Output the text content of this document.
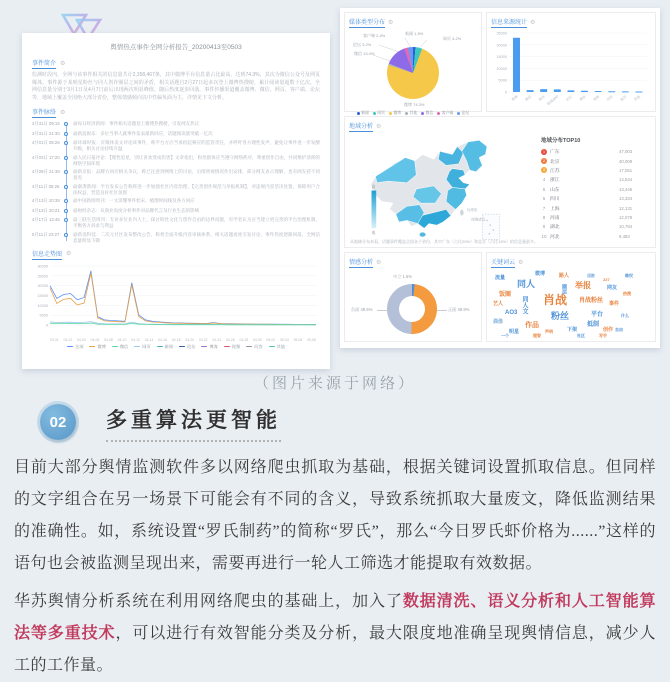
舆情热点事件全网分析报告_20200413至0503
事件简介 ⚙

监测时段内，全网与该事件相关的信息量共计2,358,467条，其中微博平台信息量占比最高，达到74.3%，其次为微信公众号及网页媒体。事件源于某明星粉丝与同人创作圈层之间的矛盾，相关话题自2月27日起多次登上微博热搜榜，累计阅读量超数十亿次。全网信息量分别于3月1日及4月7日前后出现两次明显峰值，随后热度逐步回落。事件传播渠道覆盖微博、微信、网页、客户端、论坛等，地域上覆盖全国绝大部分省份，整体情感倾向以中性偏负面为主，详情见下文分析。

事件脉络 ⚙
3月31日 09:15	@每日经济新闻：事件相关话题登上微博热搜榜，引发网友热议
3月31日 21:30	@新浪娱乐：多位当事人就事件发表最新回应，话题阅读量突破一亿次
4月01日 05:26	@环球时报：有媒体发文评论该事件，称平台方应当承担起相应的监管责任，并呼吁各方理性发声，避免让事件进一步发酵升级，相关讨论持续升温
4月03日 17:20	@人民日报评论：【理性追星，别让喜欢变成伤害】文章指出，粉丝群体应当遵守网络秩序，尊重创作自由，共同维护清朗的网络空间环境
4月09日 21:38	@新京报：品牌方回应相关争议，称已注意到网络上的讨论，后续将视情况作出安排，部分网友表示理解，也有网友持不同意见
4月11日 05:26	@澎湃新闻：平台发布公告称将进一步加强社区内容治理，【完善创作规范与举报机制】，对违规内容坚决处置，保障用户合法权益，营造良好社区氛围
4月13日 20:38	@中国新闻周刊：一文读懂事件始末，梳理时间线及各方回应
4月13日 20:21	@财经杂志：从商业角度分析事件对品牌代言及行业生态的影响
4月17日 13:46	@三联生活周刊：专访多位业内人士，探讨粉丝文化与创作自由的边界问题，有学者认为应当建立更完善的平台治理机制，平衡各方诉求与利益
5月11日 23:27	@新浪科技：二次元社区发布整改公告，称将全面升级内容审核体系，相关话题再度引发讨论，事件热度逐渐回落，全网信息量明显下降
信息走势图 ⚙
30000
25000
20000
15000
10000
5000
0
03-31 04-02 04-04 04-06 04-08 04-10 04-12 04-14 04-16 04-18 04-20 04-22 04-24 04-26 04-28 04-30 05-02 05-04 05-06 05-08
全部	微博	微信	网页	新闻	论坛	博客	视频	问答	其他
媒体类型分布 ⚙
客户端 2.4%	新闻 1.5%
网页 4.2%
论坛 3.2%
微信 13.4%
微博 74.3%
新闻 网页 微博 其他 微信 客户端 论坛
信息来源统计 ⚙
25000
20000
15000
10000
5000
0
微博 微信 网页 新闻APP 论坛 博客 视频 问答 报刊 其他
地域分析 ⚙
台湾省
南海诸岛
高
低
地域分布TOP10
1	广东	47,003
2	北京	40,009
3	江苏	17,051
4 浙江	14,544
5 山东	13,445
6 四川	13,334
7 上海	12,131
8 河南	12,078
9 湖北	10,784
10 河北	9,483
从地域分布来看，话题事件覆盖全国各个省份，其中广东（占比20%）和北京（占比13%）的信息量最多。
情感分析 ⚙
中立 1.6%
正面 48.9%
负面 49.5%
关键词云 ⚙
肖战
同人	举报
粉丝
肖战粉丝
AO3
作品
平台
饭圈
网友
抵制
偶像
事件
微博	路人
流量
创作 自由
明星	声明	下架
道歉
圈层
艺人	同人文
写手
社区
理智
什么
一个
227
维权
热搜
（图片来源于网络）
02	多重算法更智能

目前大部分舆情监测软件多以网络爬虫抓取为基础，根据关键词设置抓取信息。但同样的文字组合在另一场景下可能会有不同的含义，导致系统抓取大量废文，降低监测结果的准确性。如，系统设置“罗氏制药”的简称“罗氏”，那么“今日罗氏虾价格为......”这样的语句也会被监测呈现出来，需要再进行一轮人工筛选才能提取有效数据。

华苏舆情分析系统在利用网络爬虫的基础上，加入了数据清洗、语义分析和人工智能算法等多重技术，可以进行有效智能分类及分析，最大限度地准确呈现舆情信息，减少人工的工作量。
